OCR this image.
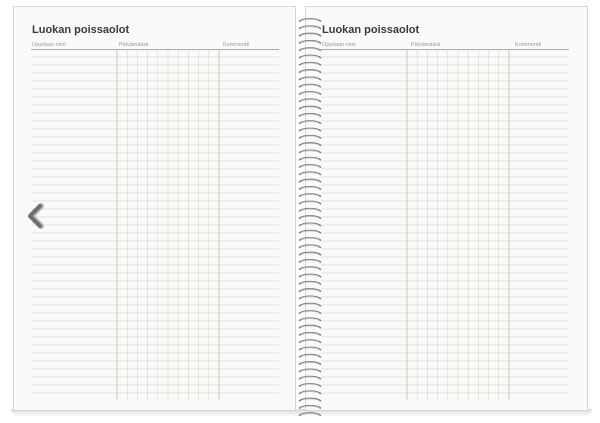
Luokan poissaolot
Oppilaan nimi	Päivämäärä	Kommentti
Luokan poissaolot
Oppilaan nimi	Päivämäärä	Kommentti
